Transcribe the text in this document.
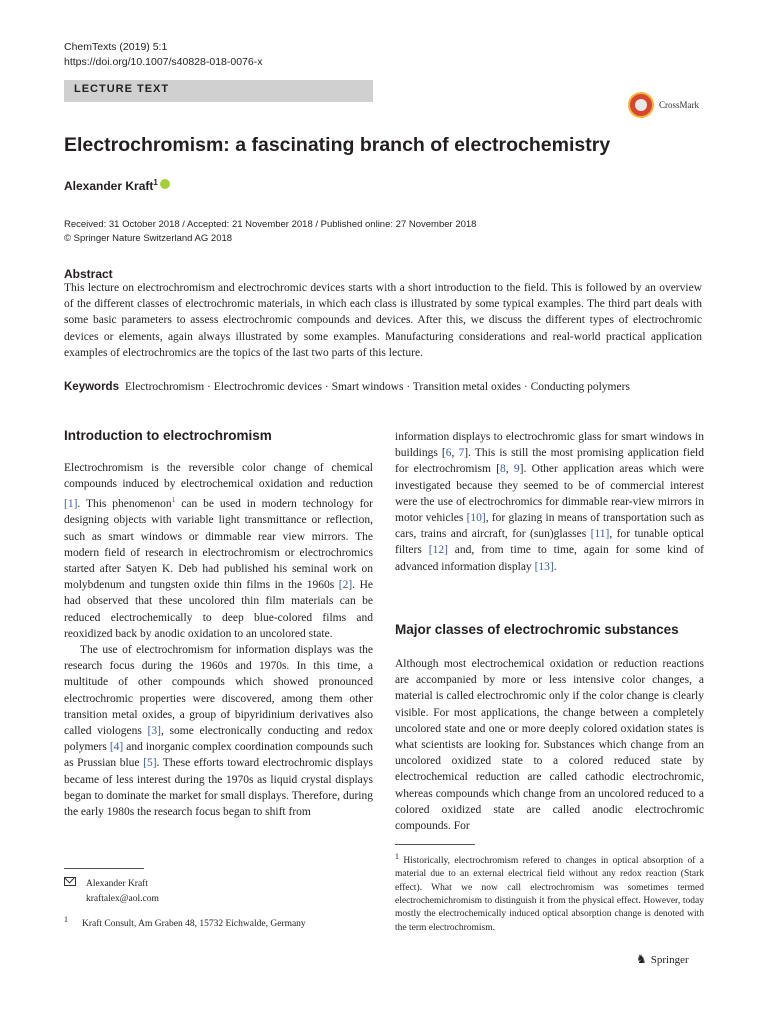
ChemTexts (2019) 5:1
https://doi.org/10.1007/s40828-018-0076-x
LECTURE TEXT
CrossMark
Electrochromism: a fascinating branch of electrochemistry
Alexander Kraft$^1$
Received: 31 October 2018 / Accepted: 21 November 2018 / Published online: 27 November 2018
© Springer Nature Switzerland AG 2018
Abstract
This lecture on electrochromism and electrochromic devices starts with a short introduction to the field. This is followed by an overview of the different classes of electrochromic materials, in which each class is illustrated by some typical examples. The third part deals with some basic parameters to assess electrochromic compounds and devices. After this, we discuss the different types of electrochromic devices or elements, again always illustrated by some examples. Manufacturing considerations and real-world practical application examples of electrochromics are the topics of the last two parts of this lecture.
Keywords Electrochromism · Electrochromic devices · Smart windows · Transition metal oxides · Conducting polymers
Introduction to electrochromism

Electrochromism is the reversible color change of chemical compounds induced by electrochemical oxidation and reduction [1]. This phenomenon$^1$ can be used in modern technology for designing objects with variable light transmittance or reflection, such as smart windows or dimmable rear view mirrors. The modern field of research in electrochromism or electrochromics started after Satyen K. Deb had published his seminal work on molybdenum and tungsten oxide thin films in the 1960s [2]. He had observed that these uncolored thin film materials can be reduced electrochemically to deep blue-colored films and reoxidized back by anodic oxidation to an uncolored state.

The use of electrochromism for information displays was the research focus during the 1960s and 1970s. In this time, a multitude of other compounds which showed pronounced electrochromic properties were discovered, among them other transition metal oxides, a group of bipyridinium derivatives also called viologens [3], some electronically conducting and redox polymers [4] and inorganic complex coordination compounds such as Prussian blue [5]. These efforts toward electrochromic displays became of less interest during the 1970s as liquid crystal displays began to dominate the market for small displays. Therefore, during the early 1980s the research focus began to shift from

information displays to electrochromic glass for smart windows in buildings [6, 7]. This is still the most promising application field for electrochromism [8, 9]. Other application areas which were investigated because they seemed to be of commercial interest were the use of electrochromics for dimmable rear-view mirrors in motor vehicles [10], for glazing in means of transportation such as cars, trains and aircraft, for (sun)glasses [11], for tunable optical filters [12] and, from time to time, again for some kind of advanced information display [13].

Major classes of electrochromic substances

Although most electrochemical oxidation or reduction reactions are accompanied by more or less intensive color changes, a material is called electrochromic only if the color change is clearly visible. For most applications, the change between a completely uncolored state and one or more deeply colored oxidation states is what scientists are looking for. Substances which change from an uncolored oxidized state to a colored reduced state by electrochemical reduction are called cathodic electrochromic, whereas compounds which change from an uncolored reduced to a colored oxidized state are called anodic electrochromic compounds. For

Alexander Kraft
kraftalex@aol.com
$^1$ Kraft Consult, Am Graben 48, 15732 Eichwalde, Germany
$^1$ Historically, electrochromism refered to changes in optical absorption of a material due to an external electrical field without any redox reaction (Stark effect). What we now call electrochromism was sometimes termed electrochemichromism to distinguish it from the physical effect. However, today mostly the electrochemically induced optical absorption change is denoted with the term electrochromism.
♞ Springer
